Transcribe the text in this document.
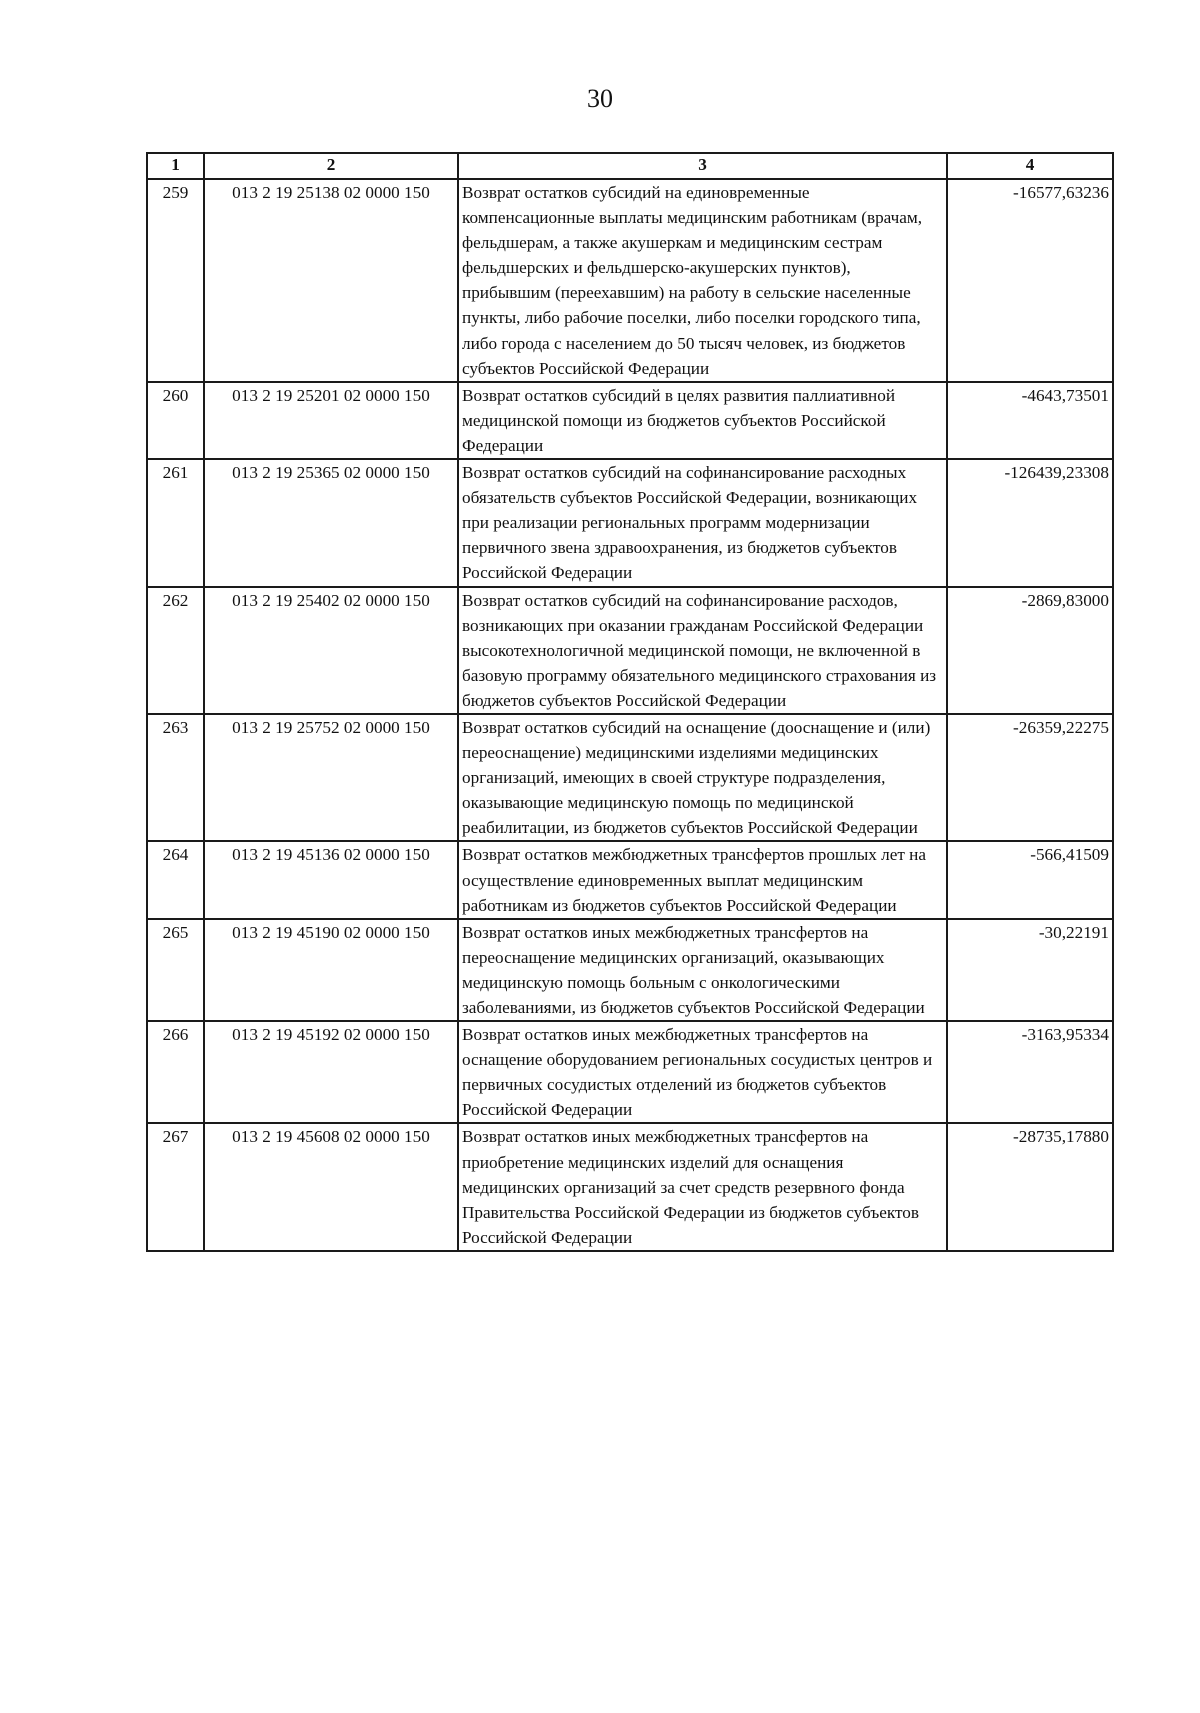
30
1	2	3	4
259	013 2 19 25138 02 0000 150	Возврат остатков субсидий на единовременные компенсационные выплаты медицинским работникам (врачам, фельдшерам, а также акушеркам и медицинским сестрам фельдшерских и фельдшерско-акушерских пунктов), прибывшим (переехавшим) на работу в сельские населенные пункты, либо рабочие поселки, либо поселки городского типа, либо города с населением до 50 тысяч человек, из бюджетов субъектов Российской Федерации	-16577,63236
260	013 2 19 25201 02 0000 150	Возврат остатков субсидий в целях развития паллиативной медицинской помощи из бюджетов субъектов Российской Федерации	-4643,73501
261	013 2 19 25365 02 0000 150	Возврат остатков субсидий на софинансирование расходных обязательств субъектов Российской Федерации, возникающих при реализации региональных программ модернизации первичного звена здравоохранения, из бюджетов субъектов Российской Федерации	-126439,23308
262	013 2 19 25402 02 0000 150	Возврат остатков субсидий на софинансирование расходов, возникающих при оказании гражданам Российской Федерации высокотехнологичной медицинской помощи, не включенной в базовую программу обязательного медицинского страхования из бюджетов субъектов Российской Федерации	-2869,83000
263	013 2 19 25752 02 0000 150	Возврат остатков субсидий на оснащение (дооснащение и (или) переоснащение) медицинскими изделиями медицинских организаций, имеющих в своей структуре подразделения, оказывающие медицинскую помощь по медицинской реабилитации, из бюджетов субъектов Российской Федерации	-26359,22275
264	013 2 19 45136 02 0000 150	Возврат остатков межбюджетных трансфертов прошлых лет на осуществление единовременных выплат медицинским работникам из бюджетов субъектов Российской Федерации	-566,41509
265	013 2 19 45190 02 0000 150	Возврат остатков иных межбюджетных трансфертов на переоснащение медицинских организаций, оказывающих медицинскую помощь больным с онкологическими заболеваниями, из бюджетов субъектов Российской Федерации	-30,22191
266	013 2 19 45192 02 0000 150	Возврат остатков иных межбюджетных трансфертов на оснащение оборудованием региональных сосудистых центров и первичных сосудистых отделений из бюджетов субъектов Российской Федерации	-3163,95334
267	013 2 19 45608 02 0000 150	Возврат остатков иных межбюджетных трансфертов на приобретение медицинских изделий для оснащения медицинских организаций за счет средств резервного фонда Правительства Российской Федерации из бюджетов субъектов Российской Федерации	-28735,17880
